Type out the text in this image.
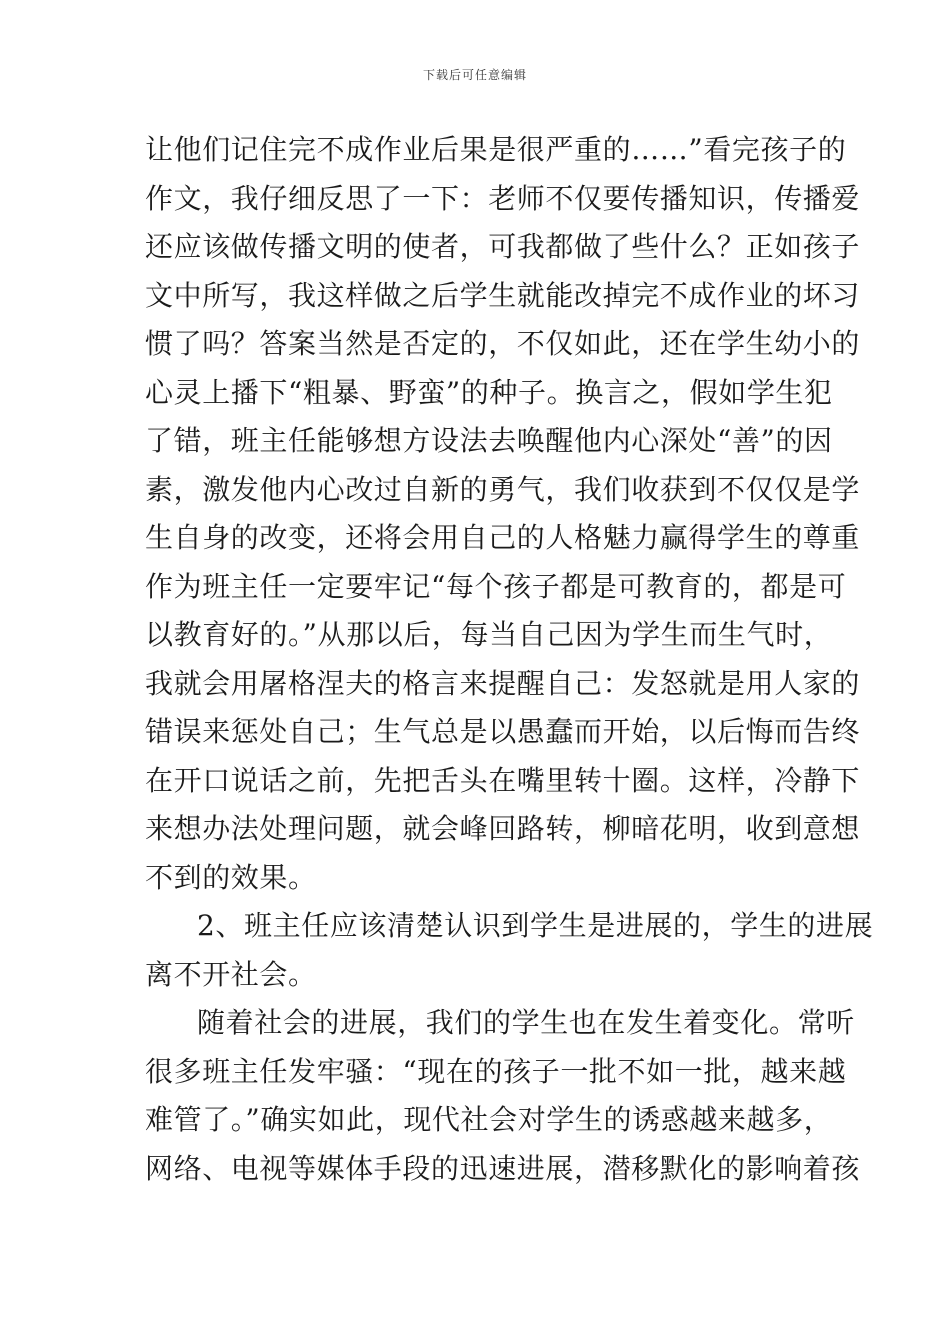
下载后可任意编辑
让他们记住完不成作业后果是很严重的……”看完孩子的
作文，我仔细反思了一下：老师不仅要传播知识，传播爱
还应该做传播文明的使者，可我都做了些什么？正如孩子
文中所写，我这样做之后学生就能改掉完不成作业的坏习
惯了吗？答案当然是否定的，不仅如此，还在学生幼小的
心灵上播下“粗暴、野蛮”的种子。换言之，假如学生犯
了错，班主任能够想方设法去唤醒他内心深处“善”的因
素，激发他内心改过自新的勇气，我们收获到不仅仅是学
生自身的改变，还将会用自己的人格魅力赢得学生的尊重
作为班主任一定要牢记“每个孩子都是可教育的，都是可
以教育好的。”从那以后，每当自己因为学生而生气时，
我就会用屠格涅夫的格言来提醒自己：发怒就是用人家的
错误来惩处自己；生气总是以愚蠢而开始，以后悔而告终
在开口说话之前，先把舌头在嘴里转十圈。这样，冷静下
来想办法处理问题，就会峰回路转，柳暗花明，收到意想
不到的效果。
2、班主任应该清楚认识到学生是进展的，学生的进展
离不开社会。
随着社会的进展，我们的学生也在发生着变化。常听
很多班主任发牢骚：“现在的孩子一批不如一批，越来越
难管了。”确实如此，现代社会对学生的诱惑越来越多，
网络、电视等媒体手段的迅速进展，潜移默化的影响着孩
